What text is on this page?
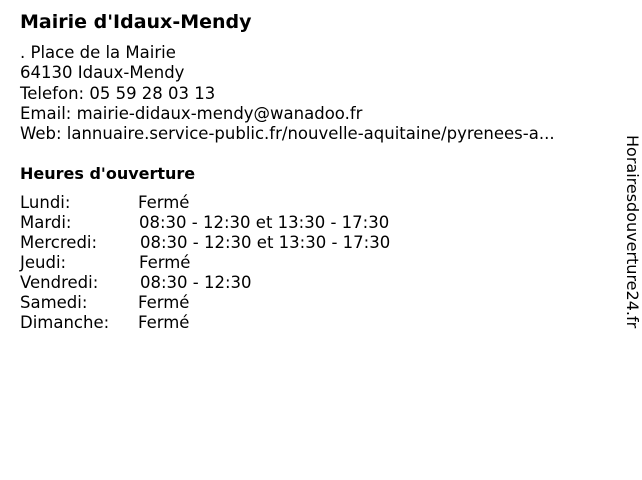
Mairie d'Idaux-Mendy
. Place de la Mairie
64130 Idaux-Mendy
Telefon: 05 59 28 03 13
Email: mairie-didaux-mendy@wanadoo.fr
Web: lannuaire.service-public.fr/nouvelle-aquitaine/pyrenees-a...
Heures d'ouverture
Lundi:	Fermé
Mardi:	08:30 - 12:30 et 13:30 - 17:30
Mercredi:	08:30 - 12:30 et 13:30 - 17:30
Jeudi:	Fermé
Vendredi:	08:30 - 12:30
Samedi:	Fermé
Dimanche: Fermé	Horairesdouverture24.fr
